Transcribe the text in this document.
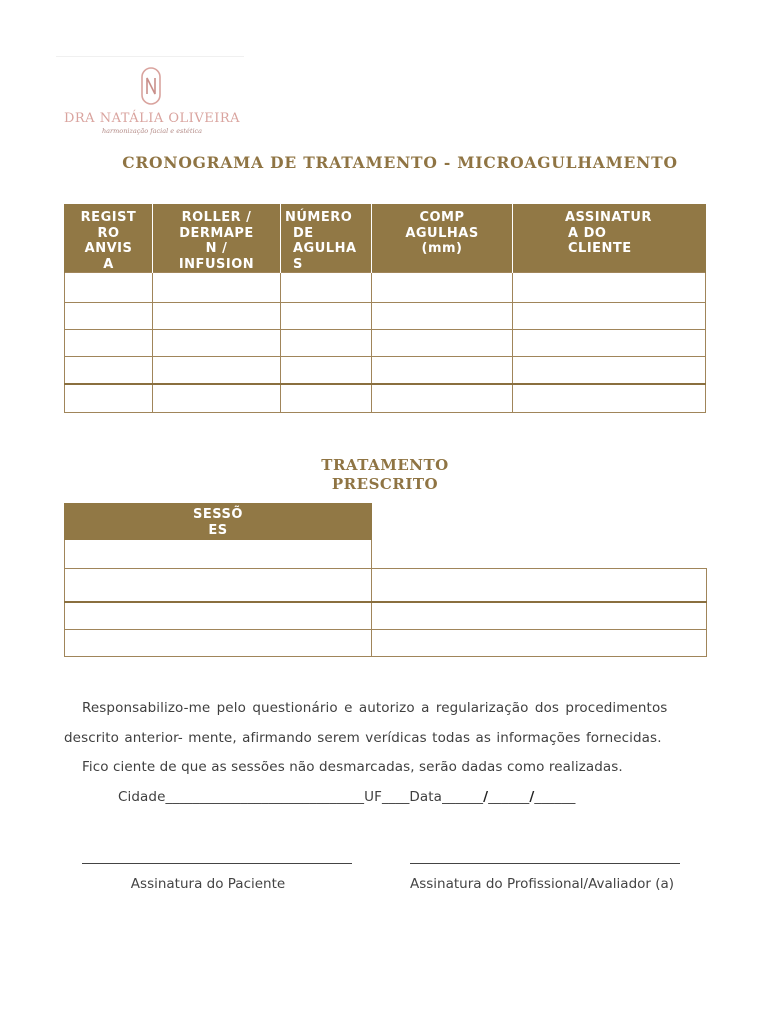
DRA NATÁLIA OLIVEIRA
harmonização facial e estética
CRONOGRAMA DE TRATAMENTO - MICROAGULHAMENTO
REGIST
RO
ANVIS
A	ROLLER /
DERMAPE
N /
INFUSION	NÚMERO
DE
AGULHA
S	COMP
AGULHAS
(mm)	ASSINATUR
A DO
CLIENTE

TRATAMENTO
PRESCRITO
SESSÕ
ES	

Responsabilizo-me pelo questionário e autorizo a regularização dos procedimentos
descrito anterior- mente, afirmando serem verídicas todas as informações fornecidas.
Fico ciente de que as sessões não desmarcadas, serão dadas como realizadas.
Cidade_____________________________UF____Data______/______/______
Assinatura do Paciente	Assinatura do Profissional/Avaliador (a)
